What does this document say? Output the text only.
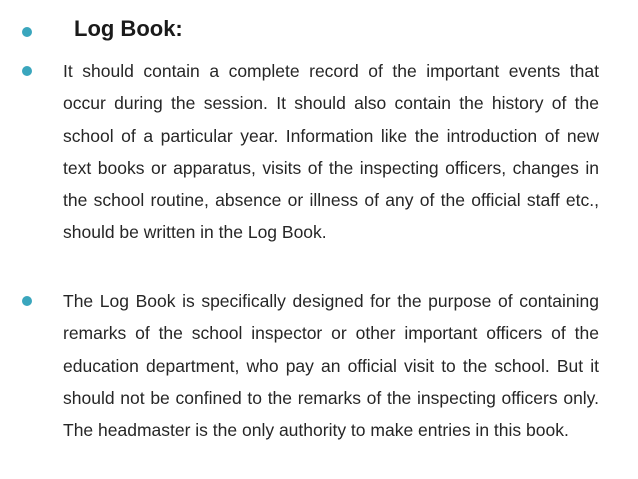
Log Book:

It should contain a complete record of the important events that occur during the session. It should also contain the history of the school of a particular year. Information like the introduction of new text books or apparatus, visits of the inspecting officers, changes in the school routine, absence or illness of any of the official staff etc., should be written in the Log Book.

The Log Book is specifically designed for the purpose of containing remarks of the school inspector or other important officers of the education department, who pay an official visit to the school. But it should not be confined to the remarks of the inspecting officers only. The headmaster is the only authority to make entries in this book.
